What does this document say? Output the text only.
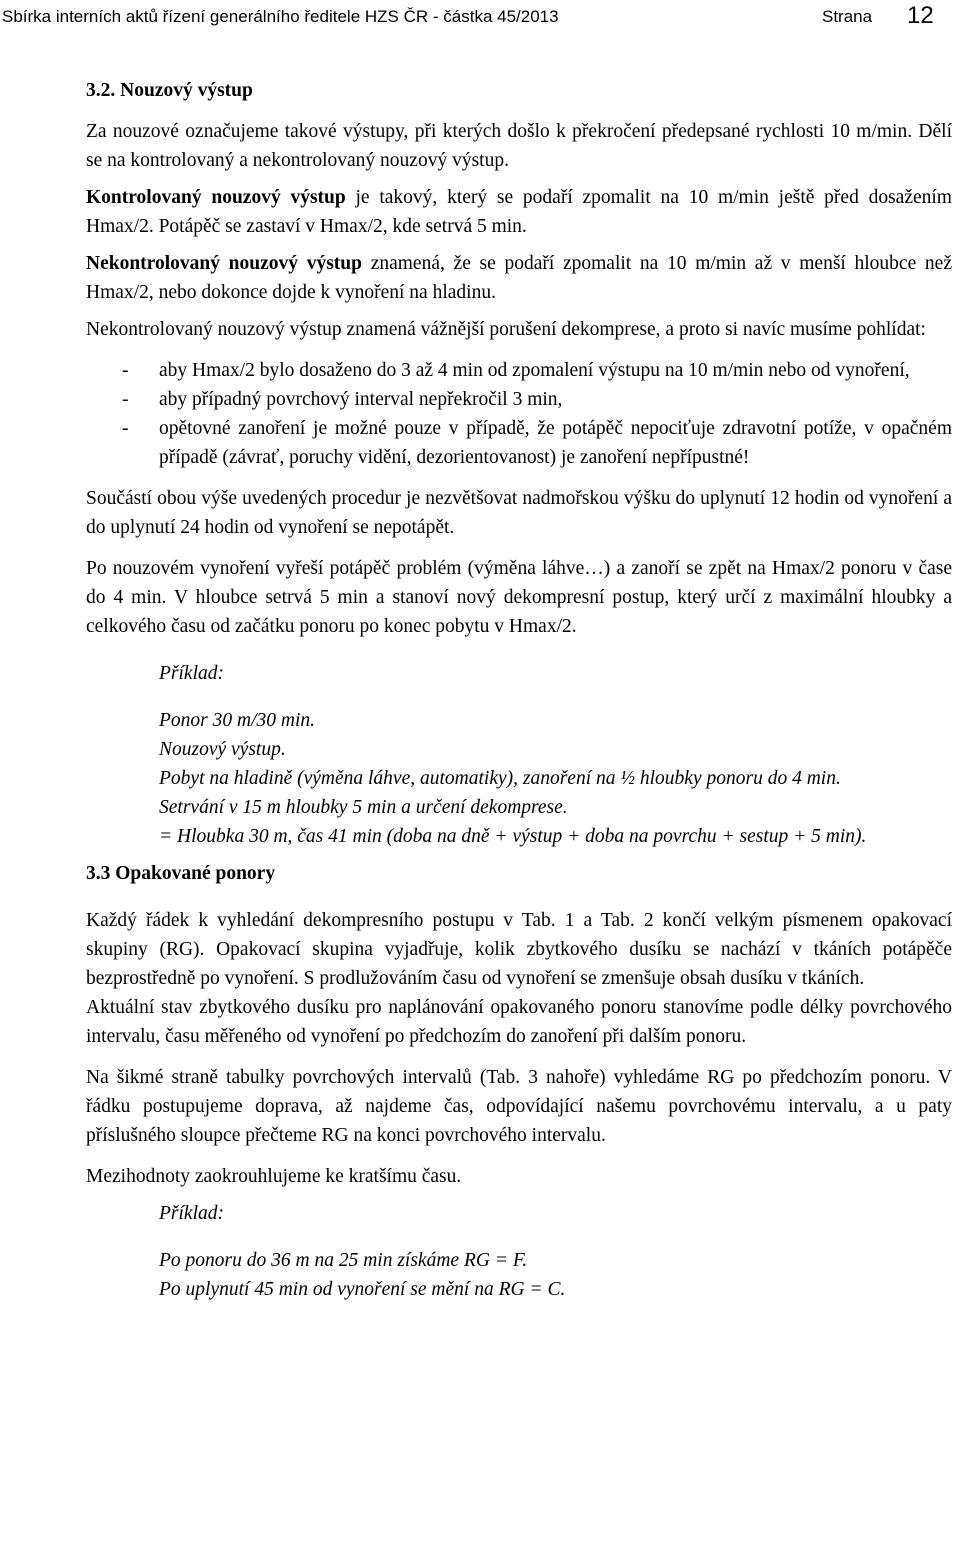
Sbírka interních aktů řízení generálního ředitele HZS ČR - částka 45/2013	Strana 12

3.2. Nouzový výstup

Za nouzové označujeme takové výstupy, při kterých došlo k překročení předepsané rychlosti 10 m/min. Dělí se na kontrolovaný a nekontrolovaný nouzový výstup.

Kontrolovaný nouzový výstup je takový, který se podaří zpomalit na 10 m/min ještě před dosažením Hmax/2. Potápěč se zastaví v Hmax/2, kde setrvá 5 min.

Nekontrolovaný nouzový výstup znamená, že se podaří zpomalit na 10 m/min až v menší hloubce než Hmax/2, nebo dokonce dojde k vynoření na hladinu.

Nekontrolovaný nouzový výstup znamená vážnější porušení dekomprese, a proto si navíc musíme pohlídat:

- aby Hmax/2 bylo dosaženo do 3 až 4 min od zpomalení výstupu na 10 m/min nebo od vynoření,
- aby případný povrchový interval nepřekročil 3 min,
- opětovné zanoření je možné pouze v případě, že potápěč nepociťuje zdravotní potíže, v opačném případě (závrať, poruchy vidění, dezorientovanost) je zanoření nepřípustné!

Součástí obou výše uvedených procedur je nezvětšovat nadmořskou výšku do uplynutí 12 hodin od vynoření a do uplynutí 24 hodin od vynoření se nepotápět.

Po nouzovém vynoření vyřeší potápěč problém (výměna láhve…) a zanoří se zpět na Hmax/2 ponoru v čase do 4 min. V hloubce setrvá 5 min a stanoví nový dekompresní postup, který určí z maximální hloubky a celkového času od začátku ponoru po konec pobytu v Hmax/2.

Příklad:

Ponor 30 m/30 min.

Nouzový výstup.

Pobyt na hladině (výměna láhve, automatiky), zanoření na ½ hloubky ponoru do 4 min.

Setrvání v 15 m hloubky 5 min a určení dekomprese.

= Hloubka 30 m, čas 41 min (doba na dně + výstup + doba na povrchu + sestup + 5 min).

3.3 Opakované ponory

Každý řádek k vyhledání dekompresního postupu v Tab. 1 a Tab. 2 končí velkým písmenem opakovací skupiny (RG). Opakovací skupina vyjadřuje, kolik zbytkového dusíku se nachází v tkáních potápěče bezprostředně po vynoření. S prodlužováním času od vynoření se zmenšuje obsah dusíku v tkáních.

Aktuální stav zbytkového dusíku pro naplánování opakovaného ponoru stanovíme podle délky povrchového intervalu, času měřeného od vynoření po předchozím do zanoření při dalším ponoru.

Na šikmé straně tabulky povrchových intervalů (Tab. 3 nahoře) vyhledáme RG po předchozím ponoru. V řádku postupujeme doprava, až najdeme čas, odpovídající našemu povrchovému intervalu, a u paty příslušného sloupce přečteme RG na konci povrchového intervalu.

Mezihodnoty zaokrouhlujeme ke kratšímu času.

Příklad:

Po ponoru do 36 m na 25 min získáme RG = F.

Po uplynutí 45 min od vynoření se mění na RG = C.
